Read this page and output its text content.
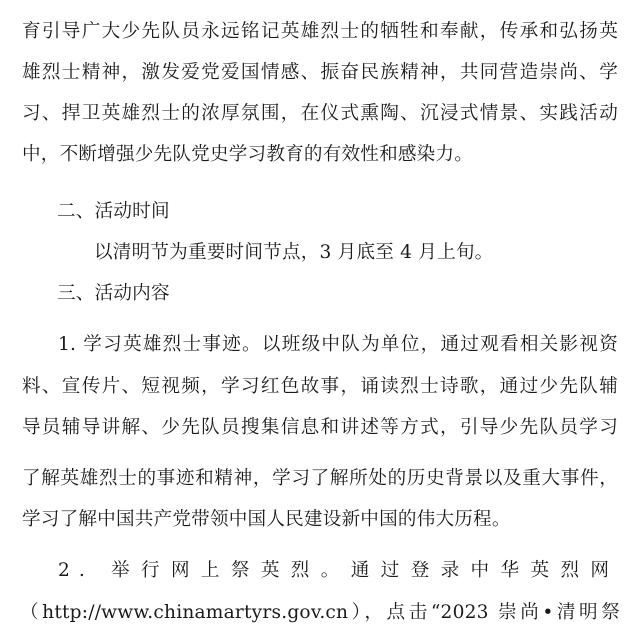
育引导广大少先队员永远铭记英雄烈士的牺牲和奉献，传承和弘扬英
雄烈士精神，激发爱党爱国情感、振奋民族精神，共同营造崇尚、学
习、捍卫英雄烈士的浓厚氛围，在仪式熏陶、沉浸式情景、实践活动
中，不断增强少先队党史学习教育的有效性和感染力。
二、活动时间
以清明节为重要时间节点，3 月底至 4 月上旬。
三、活动内容
1. 学习英雄烈士事迹。以班级中队为单位，通过观看相关影视资
料、宣传片、短视频，学习红色故事，诵读烈士诗歌，通过少先队辅
导员辅导讲解、少先队员搜集信息和讲述等方式，引导少先队员学习
了解英雄烈士的事迹和精神，学习了解所处的历史背景以及重大事件，
学习了解中国共产党带领中国人民建设新中国的伟大历程。
2. 举行网上祭英烈。通过登录中华英烈网
（http://www.chinamartyrs.gov.cn），点击“2023 崇尚•清明祭
